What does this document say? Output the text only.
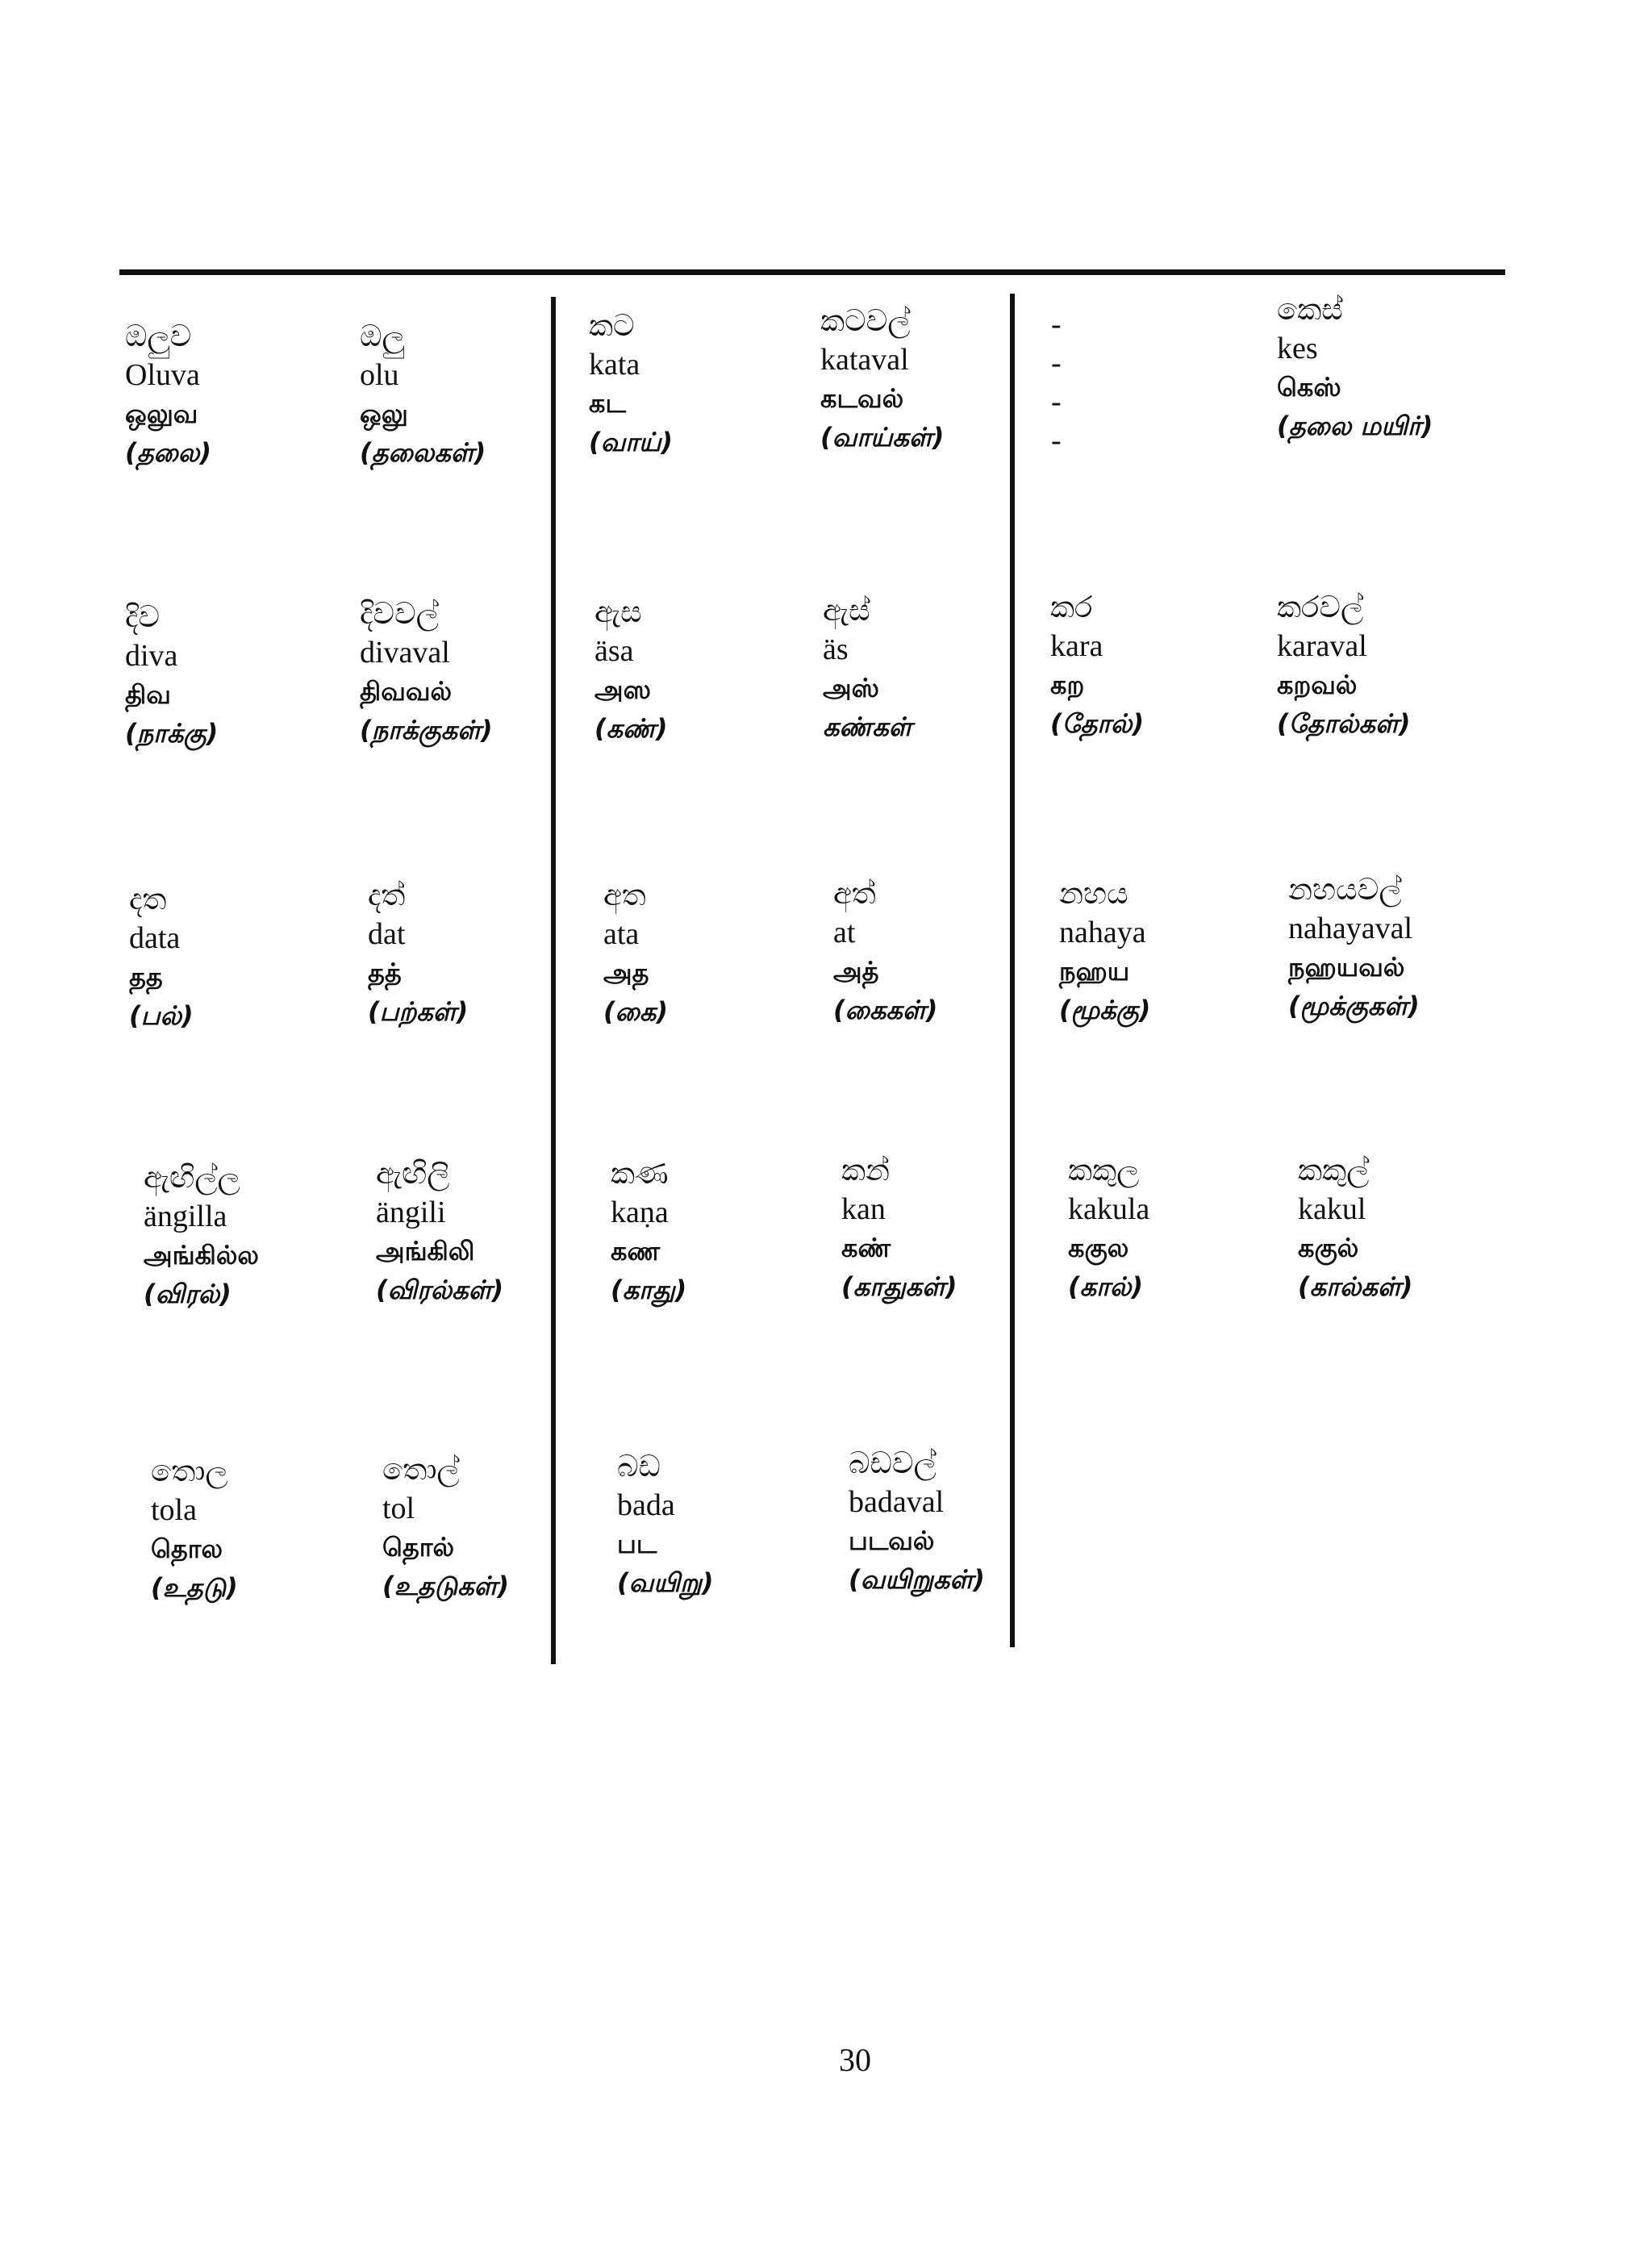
ඔලුව
Oluva
ஒலுவ
(தலை)
ඔලු
olu
ஒலு
(தலைகள்)
කට
kata
கட
(வாய்)
කටවල්
kataval
கடவல்
(வாய்கள்)
-
-
-
-
කෙස්
kes
கெஸ்
(தலை மயிர்)
දිව
diva
திவ
(நாக்கு)
දිවවල්
divaval
திவவல்
(நாக்குகள்)
ඇස
äsa
அஸ
(கண்)
ඇස්
äs
அஸ்
கண்கள்
කර
kara
கற
(தோல்)
කරවල්
karaval
கறவல்
(தோல்கள்)
දත
data
தத
(பல்)
දත්
dat
தத்
(பற்கள்)
අත
ata
அத
(கை)
අත්
at
அத்
(கைகள்)
නහය
nahaya
நஹய
(மூக்கு)
නහයවල්
nahayaval
நஹயவல்
(மூக்குகள்)
ඇඟිල්ල
ängilla
அங்கில்ல
(விரல்)
ඇඟිලි
ängili
அங்கிலி
(விரல்கள்)
කණ
kaṇa
கண
(காது)
කන්
kan
கண்
(காதுகள்)
කකුල
kakula
ககுல
(கால்)
කකුල්
kakul
ககுல்
(கால்கள்)
තොල
tola
தொல
(உதடு)
තොල්
tol
தொல்
(உதடுகள்)
බඩ
bada
பட
(வயிறு)
බඩවල්
badaval
படவல்
(வயிறுகள்)
30
